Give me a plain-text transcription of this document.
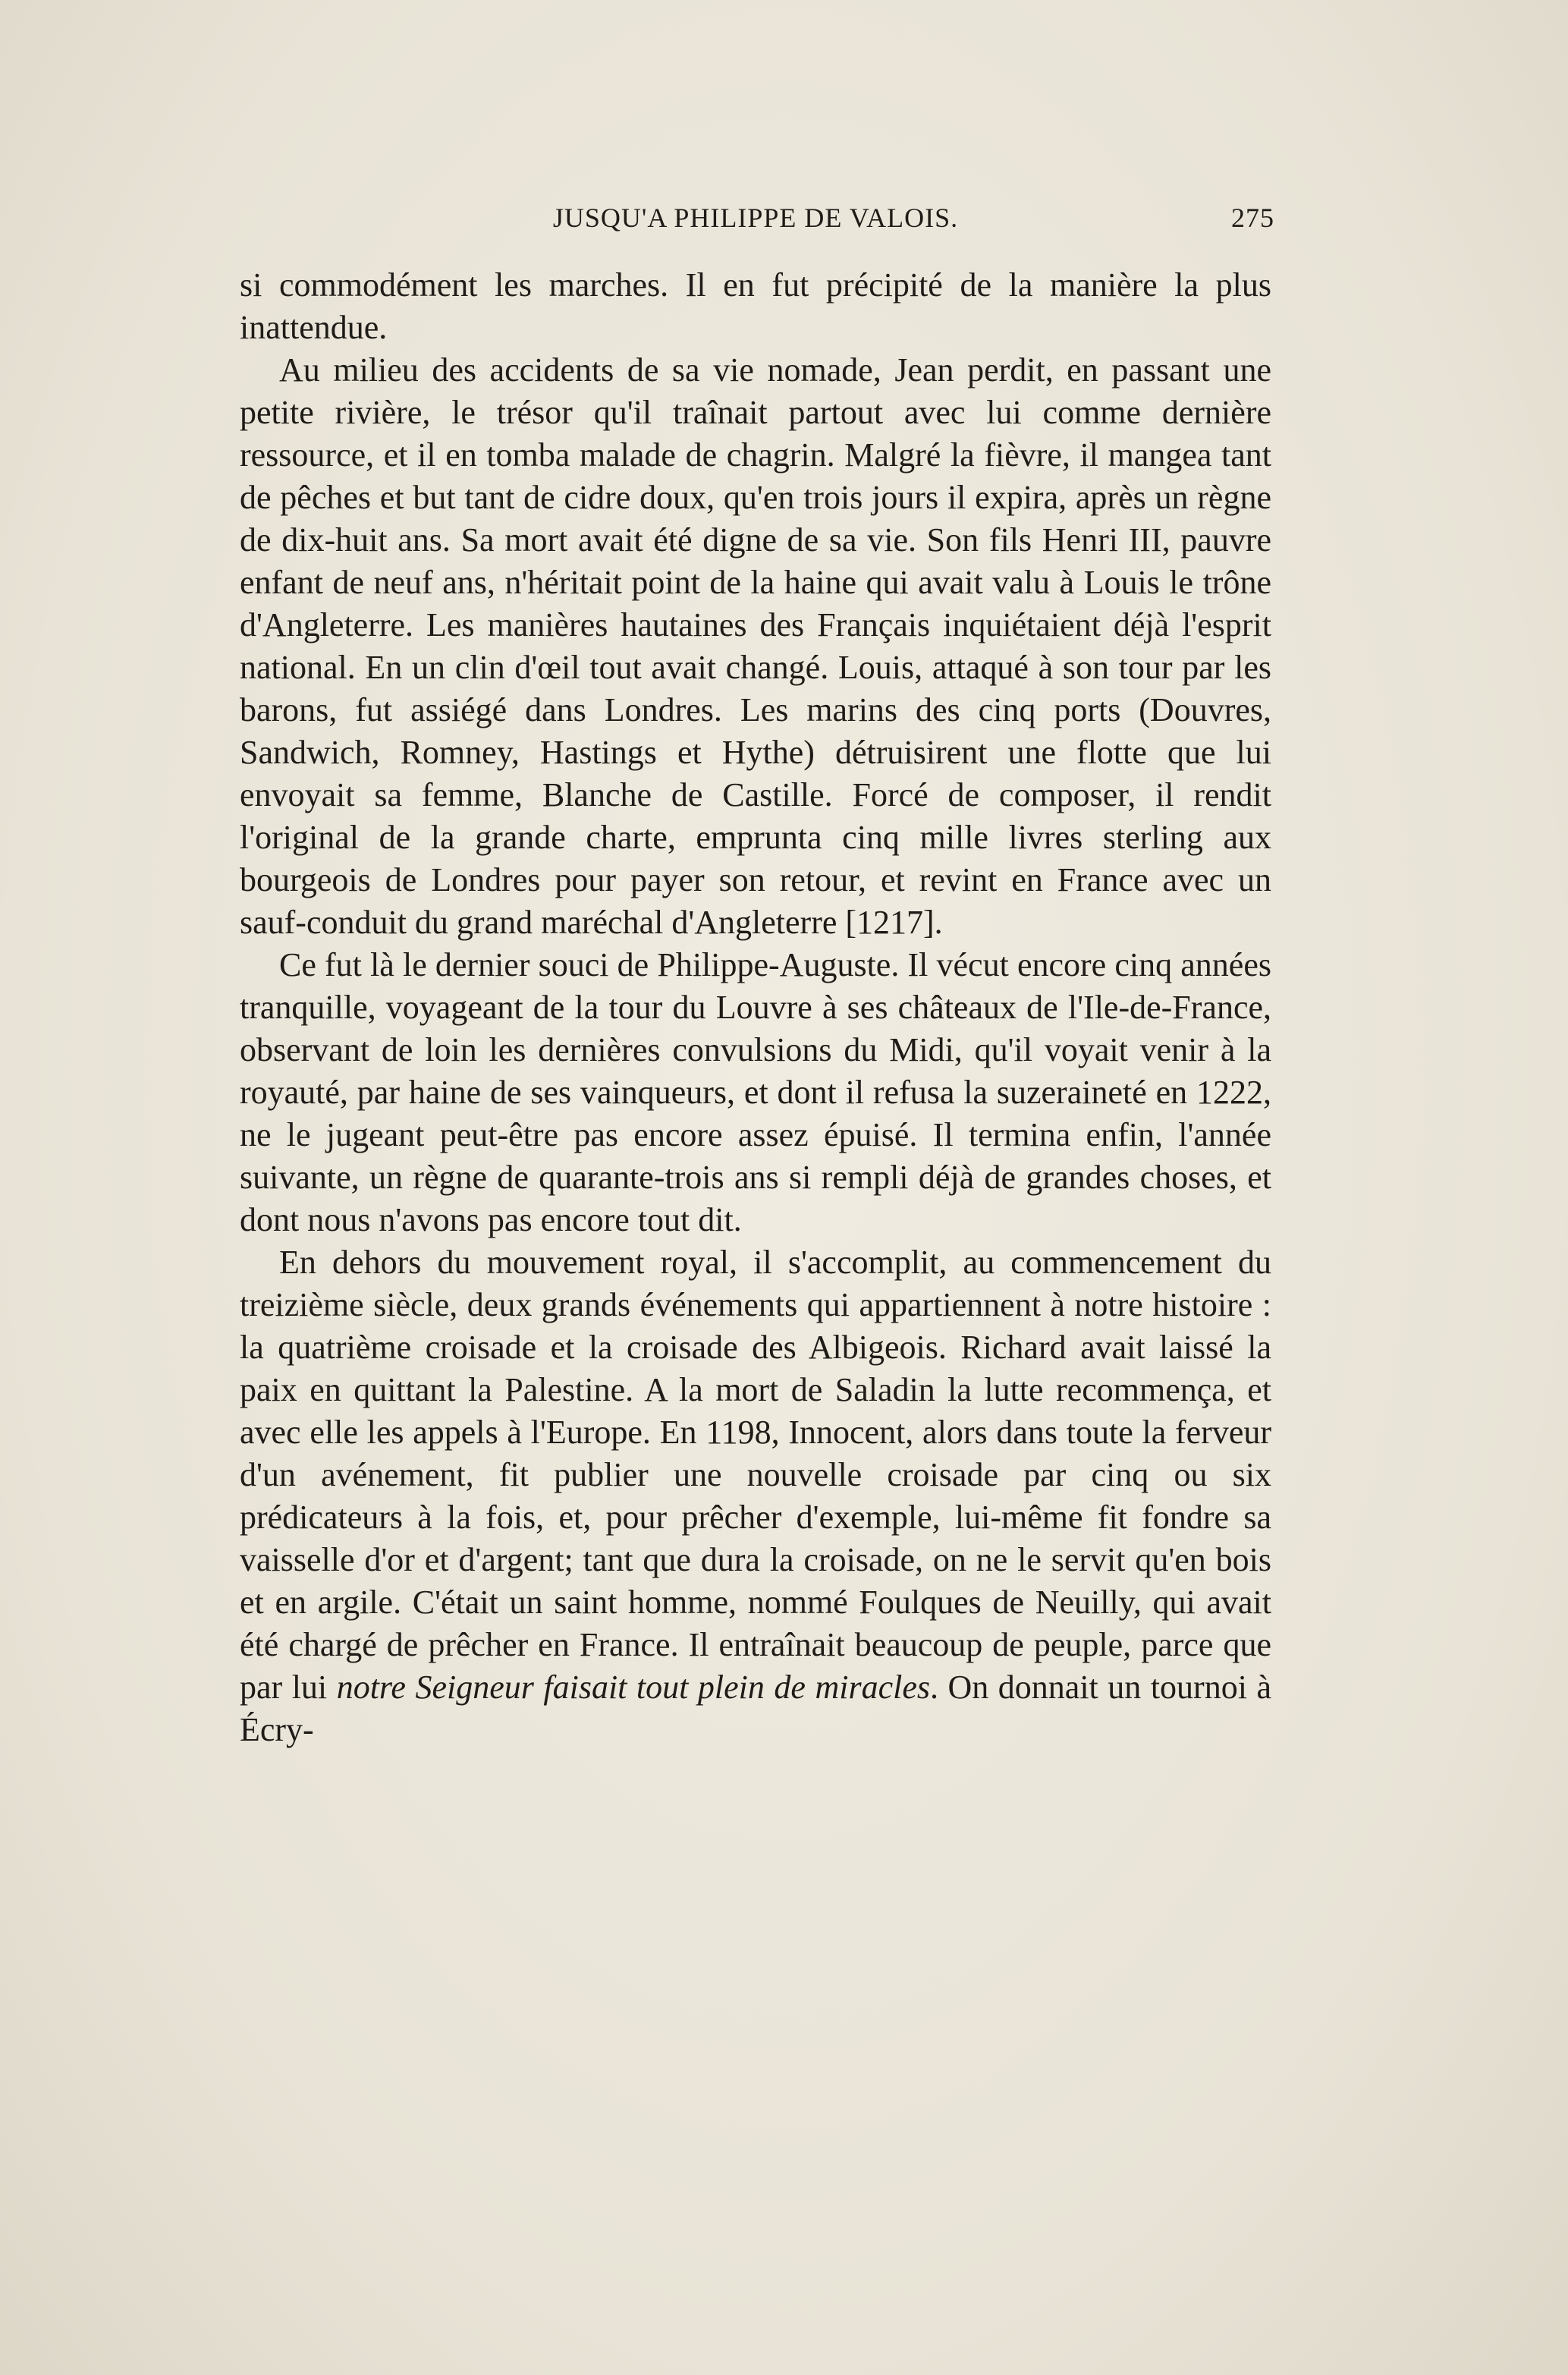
JUSQU'A PHILIPPE DE VALOIS.	275

si commodément les marches. Il en fut précipité de la manière la plus inattendue.

Au milieu des accidents de sa vie nomade, Jean perdit, en passant une petite rivière, le trésor qu'il traînait partout avec lui comme dernière ressource, et il en tomba malade de chagrin. Malgré la fièvre, il mangea tant de pêches et but tant de cidre doux, qu'en trois jours il expira, après un règne de dix-huit ans. Sa mort avait été digne de sa vie. Son fils Henri III, pauvre enfant de neuf ans, n'héritait point de la haine qui avait valu à Louis le trône d'Angleterre. Les manières hautaines des Français inquiétaient déjà l'esprit national. En un clin d'œil tout avait changé. Louis, attaqué à son tour par les barons, fut assiégé dans Londres. Les marins des cinq ports (Douvres, Sandwich, Romney, Hastings et Hythe) détruisirent une flotte que lui envoyait sa femme, Blanche de Castille. Forcé de composer, il rendit l'original de la grande charte, emprunta cinq mille livres sterling aux bourgeois de Londres pour payer son retour, et revint en France avec un sauf-conduit du grand maréchal d'Angleterre [1217].

Ce fut là le dernier souci de Philippe-Auguste. Il vécut encore cinq années tranquille, voyageant de la tour du Louvre à ses châteaux de l'Ile-de-France, observant de loin les dernières convulsions du Midi, qu'il voyait venir à la royauté, par haine de ses vainqueurs, et dont il refusa la suzeraineté en 1222, ne le jugeant peut-être pas encore assez épuisé. Il termina enfin, l'année suivante, un règne de quarante-trois ans si rempli déjà de grandes choses, et dont nous n'avons pas encore tout dit.

En dehors du mouvement royal, il s'accomplit, au commencement du treizième siècle, deux grands événements qui appartiennent à notre histoire : la quatrième croisade et la croisade des Albigeois. Richard avait laissé la paix en quittant la Palestine. A la mort de Saladin la lutte recommença, et avec elle les appels à l'Europe. En 1198, Innocent, alors dans toute la ferveur d'un avénement, fit publier une nouvelle croisade par cinq ou six prédicateurs à la fois, et, pour prêcher d'exemple, lui-même fit fondre sa vaisselle d'or et d'argent; tant que dura la croisade, on ne le servit qu'en bois et en argile. C'était un saint homme, nommé Foulques de Neuilly, qui avait été chargé de prêcher en France. Il entraînait beaucoup de peuple, parce que par lui notre Seigneur faisait tout plein de miracles. On donnait un tournoi à Écry-
